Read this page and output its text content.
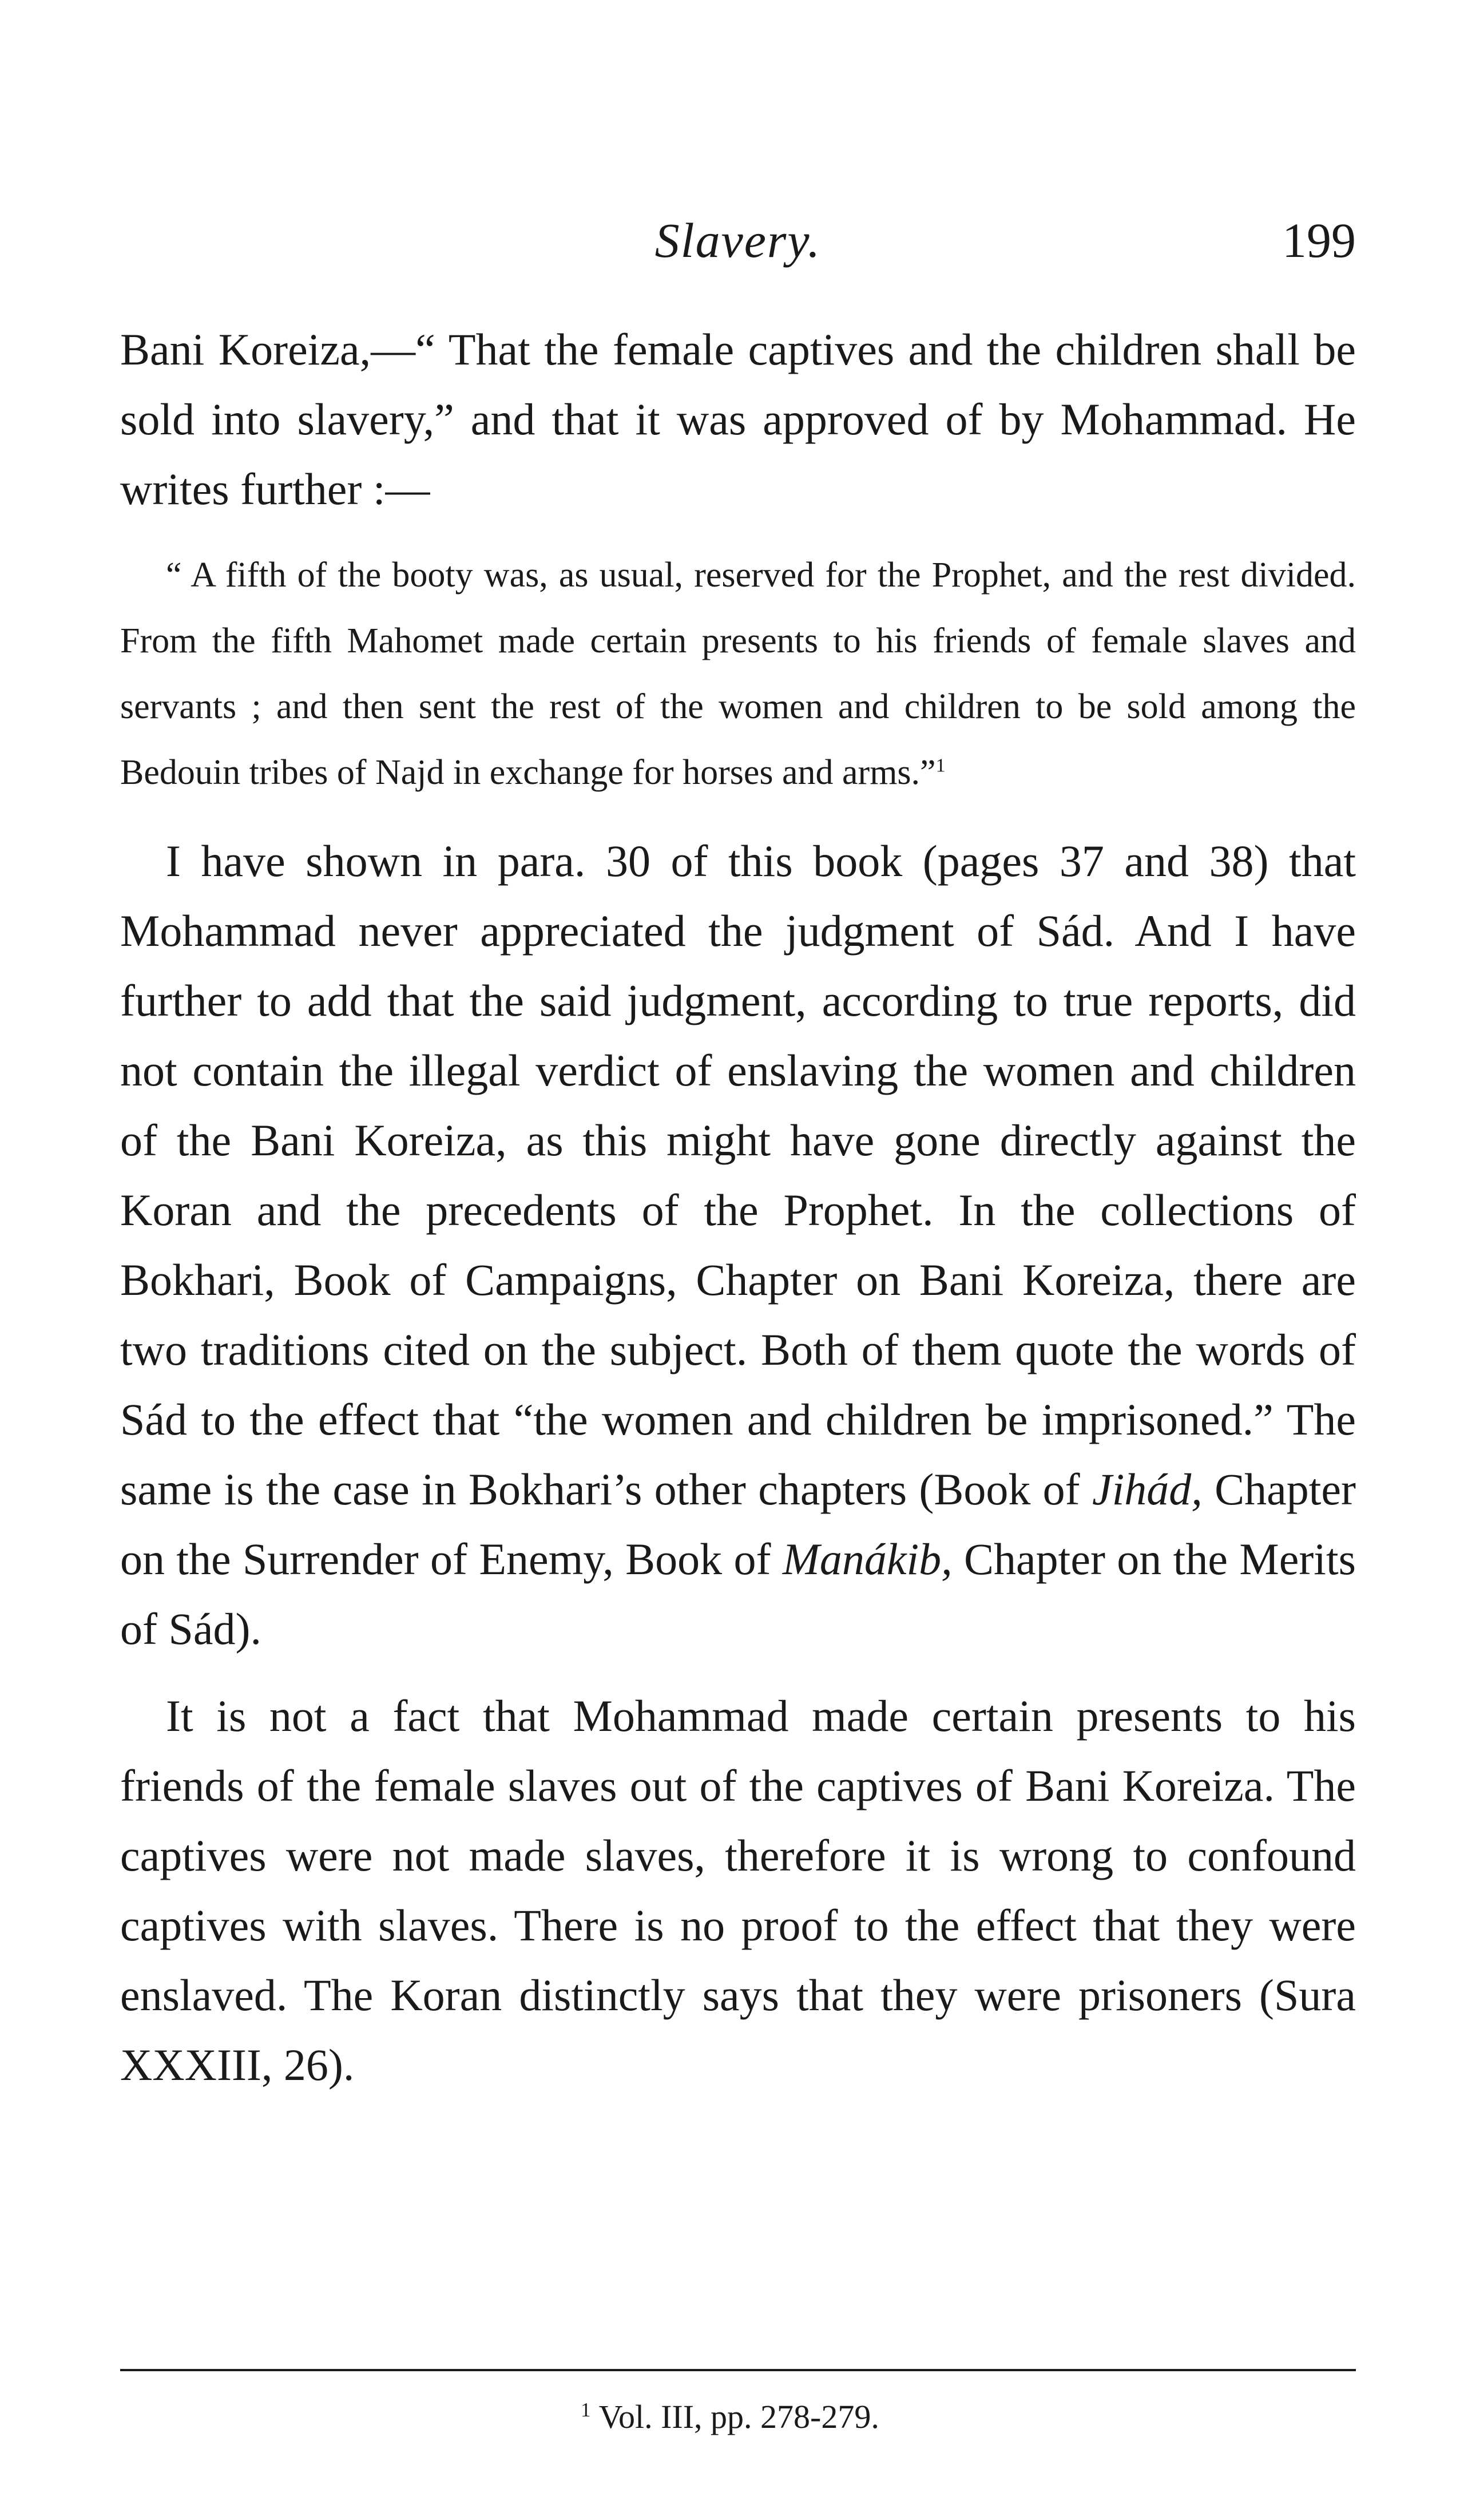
Slavery.	199

Bani Koreiza,—“ That the female captives and the children shall be sold into slavery,” and that it was approved of by Mohammad. He writes further :—

“ A fifth of the booty was, as usual, reserved for the Prophet, and the rest divided. From the fifth Mahomet made certain presents to his friends of female slaves and servants ; and then sent the rest of the women and children to be sold among the Bedouin tribes of Najd in exchange for horses and arms.”$^1$

I have shown in para. 30 of this book (pages 37 and 38) that Mohammad never appreciated the judgment of Sád. And I have further to add that the said judgment, according to true reports, did not contain the illegal verdict of enslaving the women and children of the Bani Koreiza, as this might have gone directly against the Koran and the precedents of the Prophet. In the collections of Bokhari, Book of Campaigns, Chapter on Bani Koreiza, there are two traditions cited on the subject. Both of them quote the words of Sád to the effect that “the women and children be imprisoned.” The same is the case in Bokhari’s other chapters (Book of Jihád, Chapter on the Surrender of Enemy, Book of Manákib, Chapter on the Merits of Sád).

It is not a fact that Mohammad made certain presents to his friends of the female slaves out of the captives of Bani Koreiza. The captives were not made slaves, therefore it is wrong to confound captives with slaves. There is no proof to the effect that they were enslaved. The Koran distinctly says that they were prisoners (Sura XXXIII, 26).

$^1$ Vol. III, pp. 278-279.
